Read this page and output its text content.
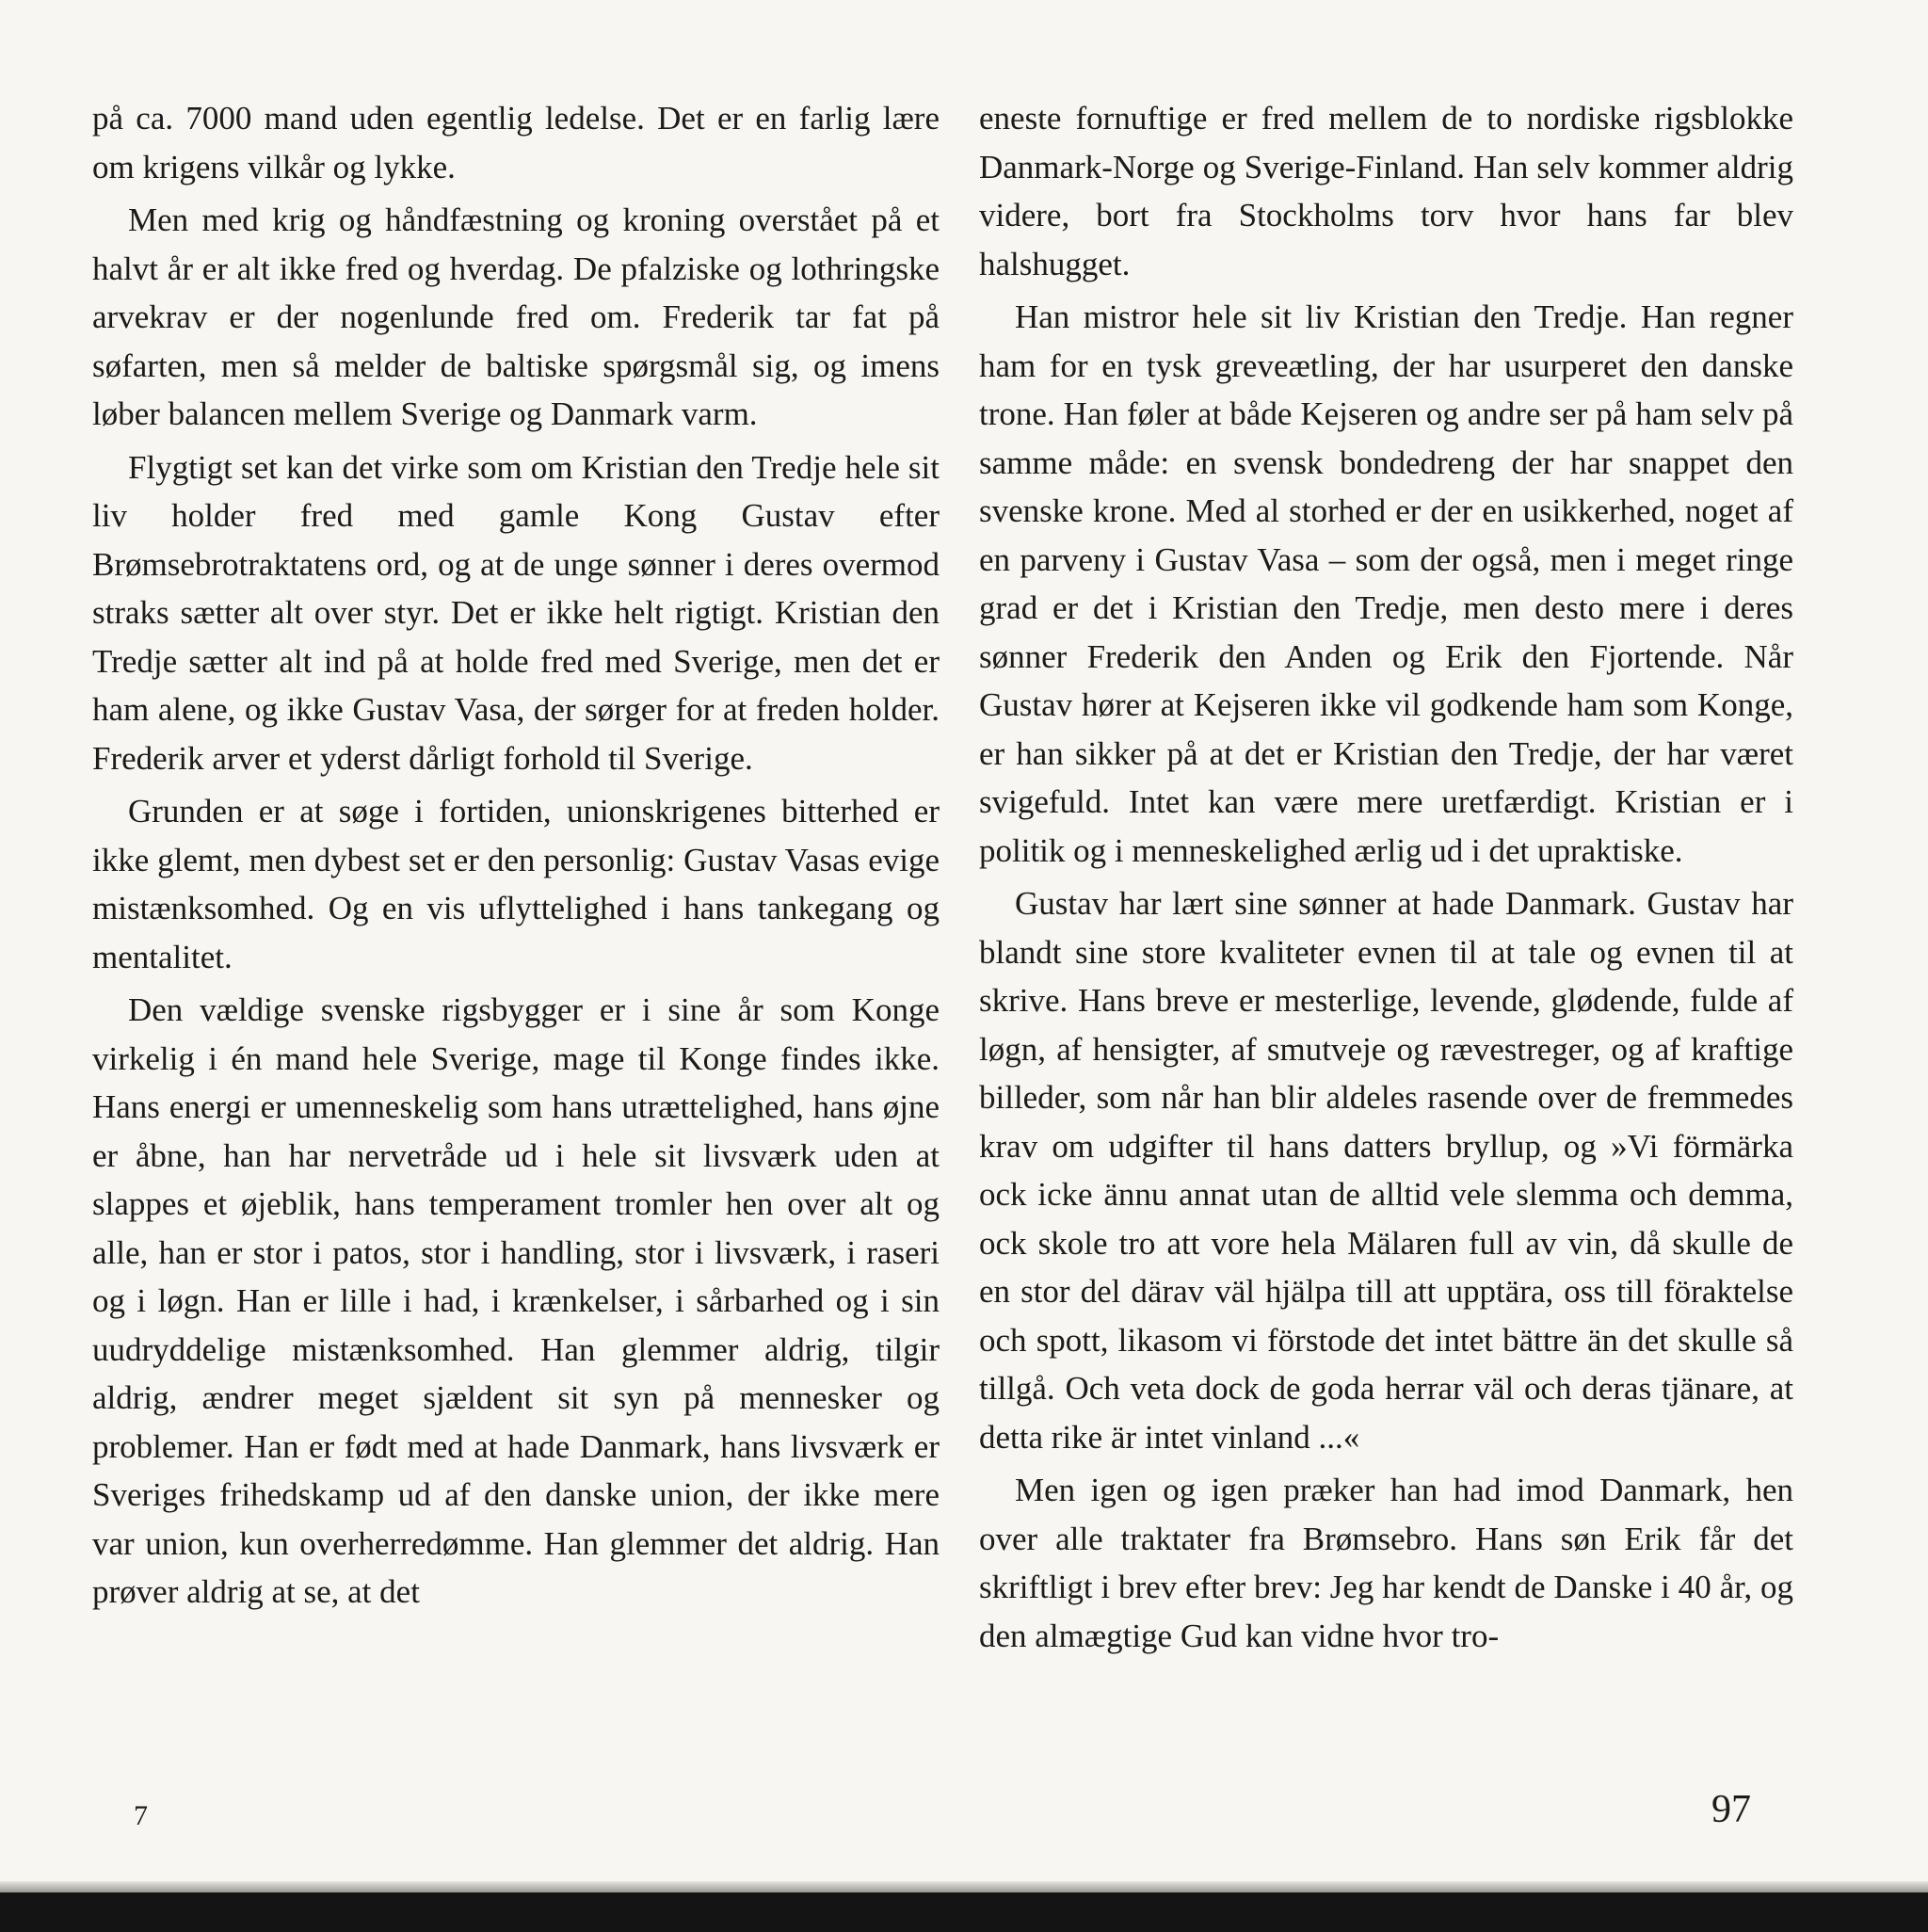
på ca. 7000 mand uden egentlig ledelse. Det er en farlig lære om krigens vilkår og lykke.

Men med krig og håndfæstning og kroning overstået på et halvt år er alt ikke fred og hverdag. De pfalziske og lothringske arvekrav er der nogenlunde fred om. Frederik tar fat på søfarten, men så melder de baltiske spørgsmål sig, og imens løber balancen mellem Sverige og Danmark varm.

Flygtigt set kan det virke som om Kristian den Tredje hele sit liv holder fred med gamle Kong Gustav efter Brømsebrotraktatens ord, og at de unge sønner i deres overmod straks sætter alt over styr. Det er ikke helt rigtigt. Kristian den Tredje sætter alt ind på at holde fred med Sverige, men det er ham alene, og ikke Gustav Vasa, der sørger for at freden holder. Frederik arver et yderst dårligt forhold til Sverige.

Grunden er at søge i fortiden, unionskrigenes bitterhed er ikke glemt, men dybest set er den personlig: Gustav Vasas evige mistænksomhed. Og en vis uflyttelighed i hans tankegang og mentalitet.

Den vældige svenske rigsbygger er i sine år som Konge virkelig i én mand hele Sverige, mage til Konge findes ikke. Hans energi er umenneskelig som hans utrættelighed, hans øjne er åbne, han har nervetråde ud i hele sit livsværk uden at slappes et øjeblik, hans temperament tromler hen over alt og alle, han er stor i patos, stor i handling, stor i livsværk, i raseri og i løgn. Han er lille i had, i krænkelser, i sårbarhed og i sin uudryddelige mistænksomhed. Han glemmer aldrig, tilgir aldrig, ændrer meget sjældent sit syn på mennesker og problemer. Han er født med at hade Danmark, hans livsværk er Sveriges frihedskamp ud af den danske union, der ikke mere var union, kun overherredømme. Han glemmer det aldrig. Han prøver aldrig at se, at det

eneste fornuftige er fred mellem de to nordiske rigsblokke Danmark-Norge og Sverige-Finland. Han selv kommer aldrig videre, bort fra Stockholms torv hvor hans far blev halshugget.

Han mistror hele sit liv Kristian den Tredje. Han regner ham for en tysk greveætling, der har usurperet den danske trone. Han føler at både Kejseren og andre ser på ham selv på samme måde: en svensk bondedreng der har snappet den svenske krone. Med al storhed er der en usikkerhed, noget af en parveny i Gustav Vasa – som der også, men i meget ringe grad er det i Kristian den Tredje, men desto mere i deres sønner Frederik den Anden og Erik den Fjortende. Når Gustav hører at Kejseren ikke vil godkende ham som Konge, er han sikker på at det er Kristian den Tredje, der har været svigefuld. Intet kan være mere uretfærdigt. Kristian er i politik og i menneskelighed ærlig ud i det upraktiske.

Gustav har lært sine sønner at hade Danmark. Gustav har blandt sine store kvaliteter evnen til at tale og evnen til at skrive. Hans breve er mesterlige, levende, glødende, fulde af løgn, af hensigter, af smutveje og rævestreger, og af kraftige billeder, som når han blir aldeles rasende over de fremmedes krav om udgifter til hans datters bryllup, og »Vi förmärka ock icke ännu annat utan de alltid vele slemma och demma, ock skole tro att vore hela Mälaren full av vin, då skulle de en stor del därav väl hjälpa till att upptära, oss till föraktelse och spott, likasom vi förstode det intet bättre än det skulle så tillgå. Och veta dock de goda herrar väl och deras tjänare, at detta rike är intet vinland ...«

Men igen og igen præker han had imod Danmark, hen over alle traktater fra Brømsebro. Hans søn Erik får det skriftligt i brev efter brev: Jeg har kendt de Danske i 40 år, og den almægtige Gud kan vidne hvor tro-

7	97
